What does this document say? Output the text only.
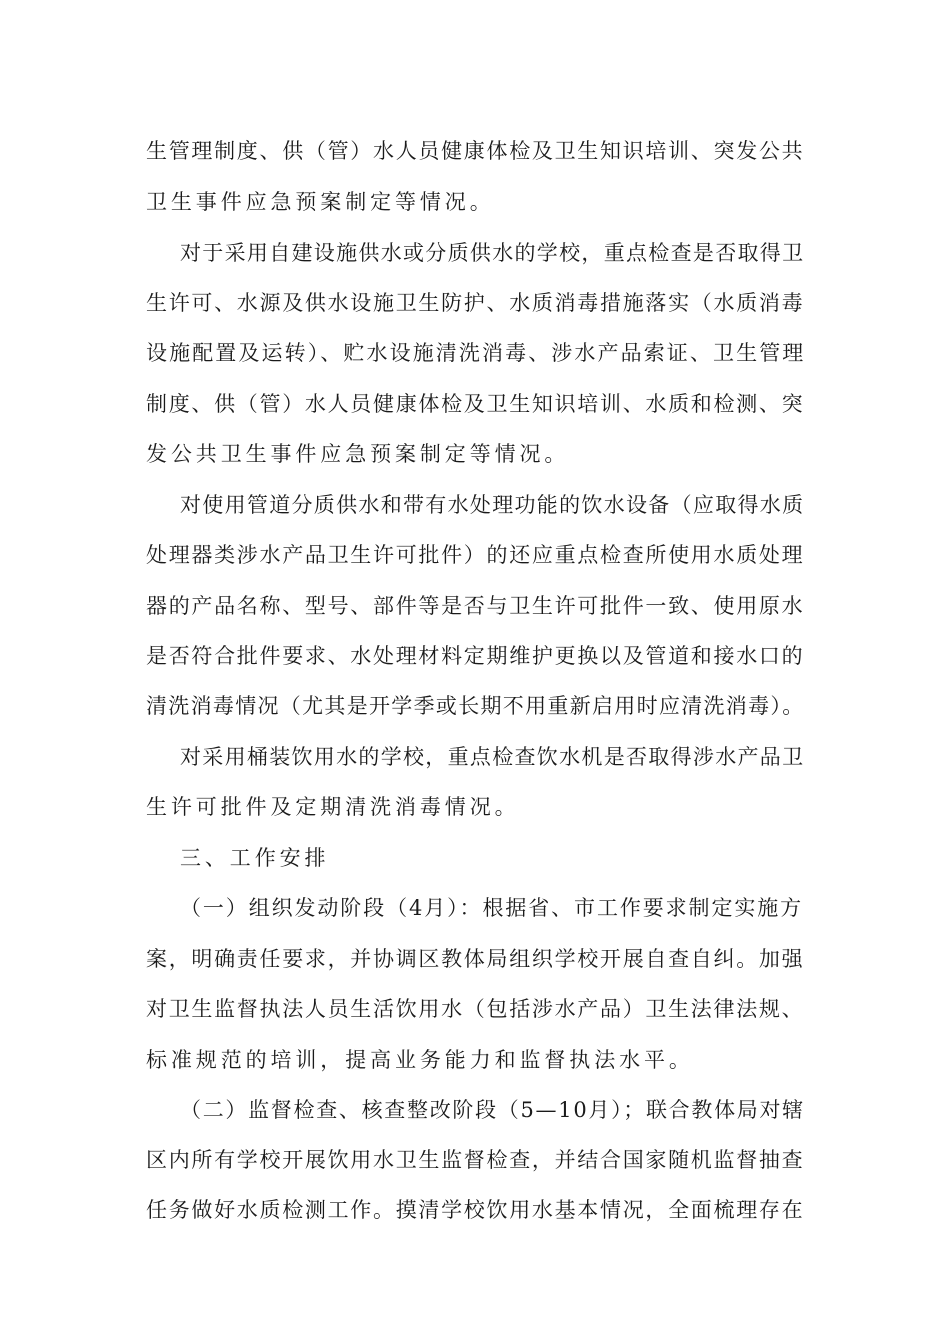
生管理制度、供（管）水人员健康体检及卫生知识培训、突发公共
卫生事件应急预案制定等情况。
对于采用自建设施供水或分质供水的学校，重点检查是否取得卫
生许可、水源及供水设施卫生防护、水质消毒措施落实（水质消毒
设施配置及运转）、贮水设施清洗消毒、涉水产品索证、卫生管理
制度、供（管）水人员健康体检及卫生知识培训、水质和检测、突
发公共卫生事件应急预案制定等情况。
对使用管道分质供水和带有水处理功能的饮水设备（应取得水质
处理器类涉水产品卫生许可批件）的还应重点检查所使用水质处理
器的产品名称、型号、部件等是否与卫生许可批件一致、使用原水
是否符合批件要求、水处理材料定期维护更换以及管道和接水口的
清洗消毒情况（尤其是开学季或长期不用重新启用时应清洗消毒）。
对采用桶装饮用水的学校，重点检查饮水机是否取得涉水产品卫
生许可批件及定期清洗消毒情况。
三、工作安排
（一）组织发动阶段（4月）：根据省、市工作要求制定实施方
案，明确责任要求，并协调区教体局组织学校开展自查自纠。加强
对卫生监督执法人员生活饮用水（包括涉水产品）卫生法律法规、
标准规范的培训，提高业务能力和监督执法水平。
（二）监督检查、核查整改阶段（5—10月）；联合教体局对辖
区内所有学校开展饮用水卫生监督检查，并结合国家随机监督抽查
任务做好水质检测工作。摸清学校饮用水基本情况，全面梳理存在
